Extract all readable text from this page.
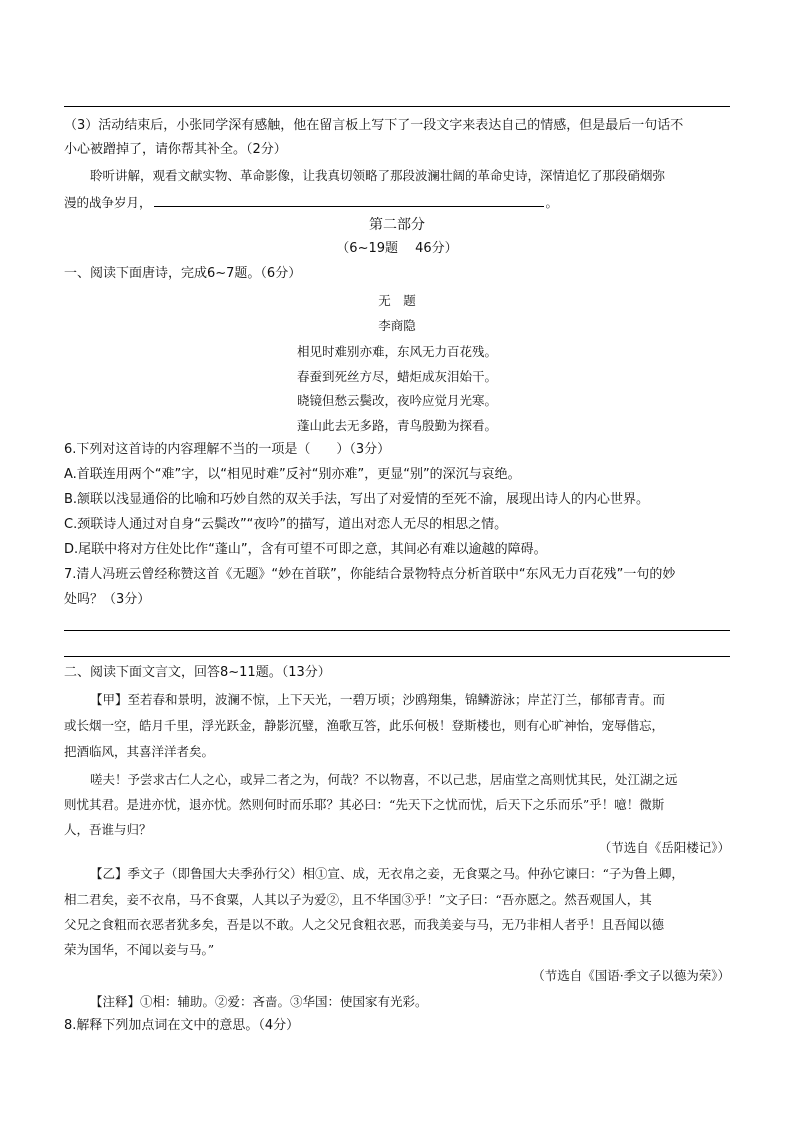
（3）活动结束后，小张同学深有感触，他在留言板上写下了一段文字来表达自己的情感，但是最后一句话不
小心被蹭掉了，请你帮其补全。（2分）
聆听讲解，观看文献实物、革命影像，让我真切领略了那段波澜壮阔的革命史诗，深情追忆了那段硝烟弥
漫的战争岁月，	。
第二部分
（6~19题　 46分）
一、阅读下面唐诗，完成6~7题。（6分）
无　题
李商隐
相见时难别亦难，东风无力百花残。
春蚕到死丝方尽，蜡炬成灰泪始干。
晓镜但愁云鬓改，夜吟应觉月光寒。
蓬山此去无多路，青鸟殷勤为探看。
6.下列对这首诗的内容理解不当的一项是（　　）（3分）
A.首联连用两个“难”字，以“相见时难”反衬“别亦难”，更显“别”的深沉与哀绝。
B.颔联以浅显通俗的比喻和巧妙自然的双关手法，写出了对爱情的至死不渝，展现出诗人的内心世界。
C.颈联诗人通过对自身“云鬓改”“夜吟”的描写，道出对恋人无尽的相思之情。
D.尾联中将对方住处比作“蓬山”，含有可望不可即之意，其间必有难以逾越的障碍。
7.清人冯班云曾经称赞这首《无题》“妙在首联”，你能结合景物特点分析首联中“东风无力百花残”一句的妙
处吗？（3分）
二、阅读下面文言文，回答8~11题。（13分）
【甲】至若春和景明，波澜不惊，上下天光，一碧万顷；沙鸥翔集，锦鳞游泳；岸芷汀兰，郁郁青青。而
或长烟一空，皓月千里，浮光跃金，静影沉璧，渔歌互答，此乐何极！登斯楼也，则有心旷神怡，宠辱偕忘，
把酒临风，其喜洋洋者矣。
嗟夫！予尝求古仁人之心，或异二者之为，何哉？不以物喜，不以己悲，居庙堂之高则忧其民，处江湖之远
则忧其君。是进亦忧，退亦忧。然则何时而乐耶？其必曰：“先天下之忧而忧，后天下之乐而乐”乎！噫！微斯
人，吾谁与归？
（节选自《岳阳楼记》）
【乙】季文子（即鲁国大夫季孙行父）相①宣、成，无衣帛之妾，无食粟之马。仲孙它谏曰：“子为鲁上卿，
相二君矣，妾不衣帛，马不食粟，人其以子为爱②，且不华国③乎！”文子曰：“吾亦愿之。然吾观国人，其
父兄之食粗而衣恶者犹多矣，吾是以不敢。人之父兄食粗衣恶，而我美妾与马，无乃非相人者乎！且吾闻以德
荣为国华，不闻以妾与马。”
（节选自《国语·季文子以德为荣》）
【注释】①相：辅助。②爱：吝啬。③华国：使国家有光彩。
8.解释下列加点词在文中的意思。（4分）
